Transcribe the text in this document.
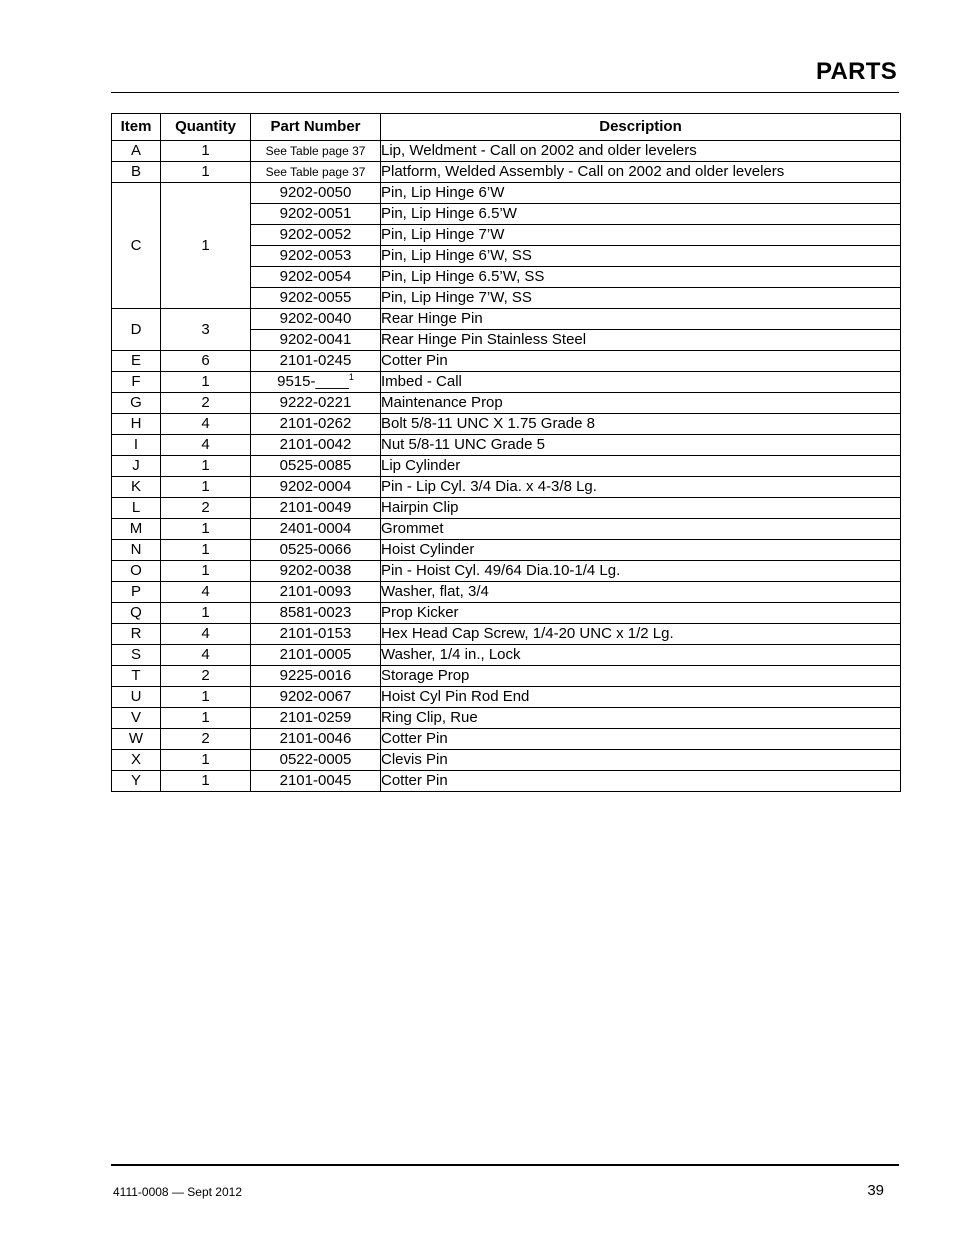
PARTS
Item	Quantity	Part Number	Description
A	1	See Table page 37	Lip, Weldment - Call on 2002 and older levelers
B	1	See Table page 37	Platform, Welded Assembly - Call on 2002 and older levelers
C	1	9202-0050	Pin, Lip Hinge 6’W
		9202-0051	Pin, Lip Hinge 6.5’W
		9202-0052	Pin, Lip Hinge 7’W
		9202-0053	Pin, Lip Hinge 6’W, SS
		9202-0054	Pin, Lip Hinge 6.5’W, SS
		9202-0055	Pin, Lip Hinge 7’W, SS
D	3	9202-0040	Rear Hinge Pin
		9202-0041	Rear Hinge Pin Stainless Steel
E	6	2101-0245	Cotter Pin
F	1	9515-____$^1$	Imbed - Call
G	2	9222-0221	Maintenance Prop
H	4	2101-0262	Bolt 5/8-11 UNC X 1.75 Grade 8
I	4	2101-0042	Nut 5/8-11 UNC Grade 5
J	1	0525-0085	Lip Cylinder
K	1	9202-0004	Pin - Lip Cyl. 3/4 Dia. x 4-3/8 Lg.
L	2	2101-0049	Hairpin Clip
M	1	2401-0004	Grommet
N	1	0525-0066	Hoist Cylinder
O	1	9202-0038	Pin - Hoist Cyl. 49/64 Dia.10-1/4 Lg.
P	4	2101-0093	Washer, flat, 3/4
Q	1	8581-0023	Prop Kicker
R	4	2101-0153	Hex Head Cap Screw, 1/4-20 UNC x 1/2 Lg.
S	4	2101-0005	Washer, 1/4 in., Lock
T	2	9225-0016	Storage Prop
U	1	9202-0067	Hoist Cyl Pin Rod End
V	1	2101-0259	Ring Clip, Rue
W	2	2101-0046	Cotter Pin
X	1	0522-0005	Clevis Pin
Y	1	2101-0045	Cotter Pin
4111-0008 — Sept 2012	39
